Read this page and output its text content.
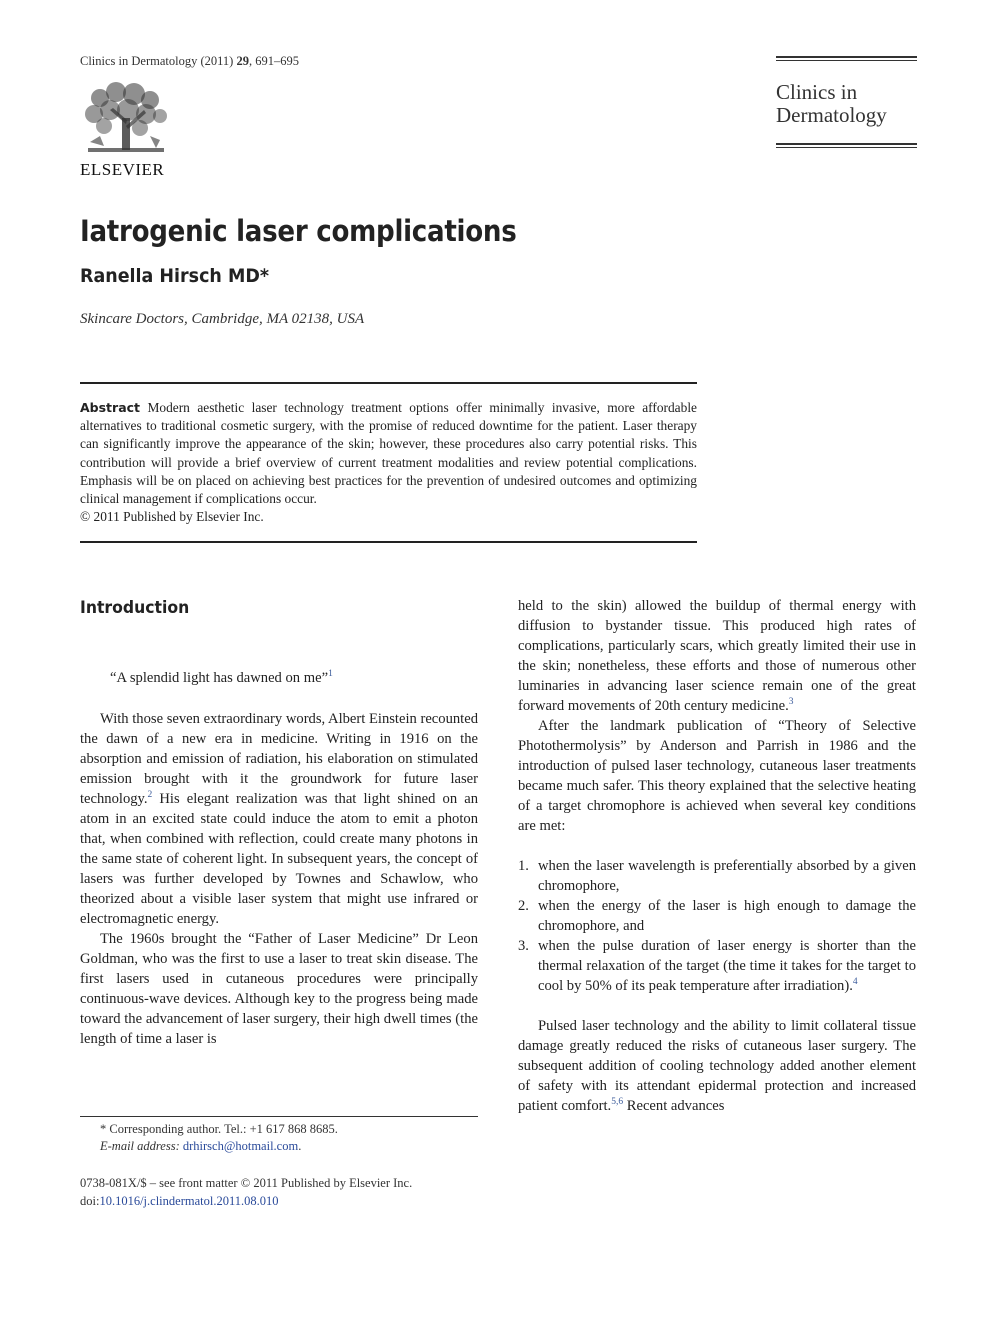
Clinics in Dermatology (2011) 29, 691–695
ELSEVIER
Clinics in
Dermatology
Iatrogenic laser complications
Ranella Hirsch MD*
Skincare Doctors, Cambridge, MA 02138, USA
Abstract Modern aesthetic laser technology treatment options offer minimally invasive, more affordable alternatives to traditional cosmetic surgery, with the promise of reduced downtime for the patient. Laser therapy can significantly improve the appearance of the skin; however, these procedures also carry potential risks. This contribution will provide a brief overview of current treatment modalities and review potential complications. Emphasis will be on placed on achieving best practices for the prevention of undesired outcomes and optimizing clinical management if complications occur.
© 2011 Published by Elsevier Inc.
Introduction
“A splendid light has dawned on me”$^1$

With those seven extraordinary words, Albert Einstein recounted the dawn of a new era in medicine. Writing in 1916 on the absorption and emission of radiation, his elaboration on stimulated emission brought with it the groundwork for future laser technology.$^2$ His elegant realization was that light shined on an atom in an excited state could induce the atom to emit a photon that, when combined with reflection, could create many photons in the same state of coherent light. In subsequent years, the concept of lasers was further developed by Townes and Schawlow, who theorized about a visible laser system that might use infrared or electromagnetic energy.

The 1960s brought the “Father of Laser Medicine” Dr Leon Goldman, who was the first to use a laser to treat skin disease. The first lasers used in cutaneous procedures were principally continuous-wave devices. Although key to the progress being made toward the advancement of laser surgery, their high dwell times (the length of time a laser is

held to the skin) allowed the buildup of thermal energy with diffusion to bystander tissue. This produced high rates of complications, particularly scars, which greatly limited their use in the skin; nonetheless, these efforts and those of numerous other luminaries in advancing laser science remain one of the great forward movements of 20th century medicine.$^3$

After the landmark publication of “Theory of Selective Photothermolysis” by Anderson and Parrish in 1986 and the introduction of pulsed laser technology, cutaneous laser treatments became much safer. This theory explained that the selective heating of a target chromophore is achieved when several key conditions are met:

1. when the laser wavelength is preferentially absorbed by a given chromophore,
2. when the energy of the laser is high enough to damage the chromophore, and
3. when the pulse duration of laser energy is shorter than the thermal relaxation of the target (the time it takes for the target to cool by 50% of its peak temperature after irradiation).$^4$

Pulsed laser technology and the ability to limit collateral tissue damage greatly reduced the risks of cutaneous laser surgery. The subsequent addition of cooling technology added another element of safety with its attendant epidermal protection and increased patient comfort.$^{5,6}$ Recent advances

* Corresponding author. Tel.: +1 617 868 8685.
E-mail address: drhirsch@hotmail.com.
0738-081X/$ – see front matter © 2011 Published by Elsevier Inc.
doi:10.1016/j.clindermatol.2011.08.010
